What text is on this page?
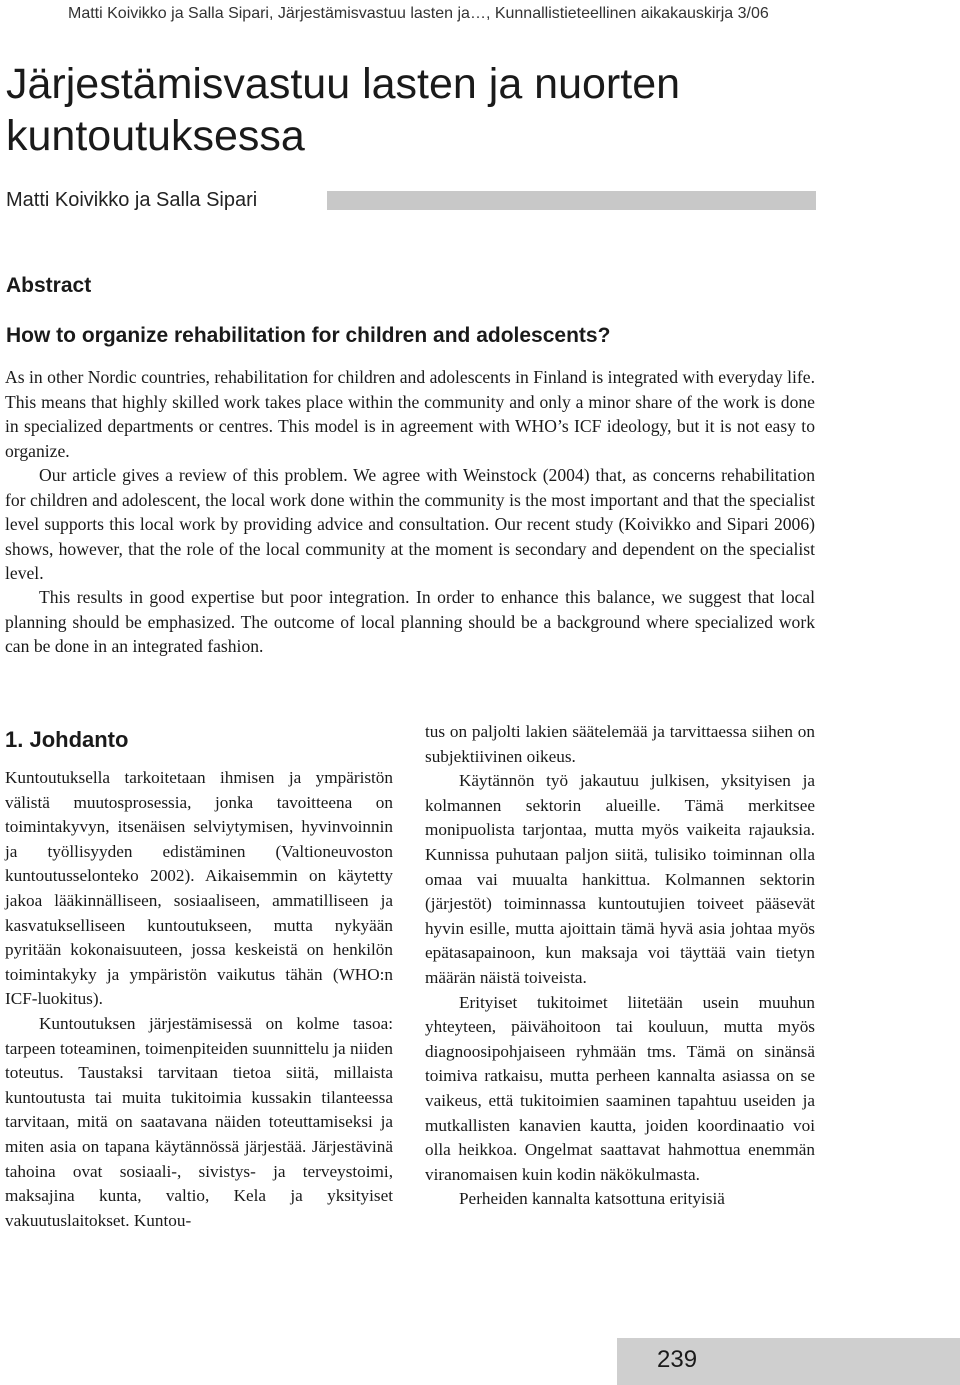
Matti Koivikko ja Salla Sipari, Järjestämisvastuu lasten ja…, Kunnallistieteellinen aikakauskirja 3/06
Järjestämisvastuu lasten ja nuorten kuntoutuksessa
Matti Koivikko ja Salla Sipari
Abstract
How to organize rehabilitation for children and adolescents?

As in other Nordic countries, rehabilitation for children and adolescents in Finland is integrated with everyday life. This means that highly skilled work takes place within the community and only a minor share of the work is done in specialized departments or centres. This model is in agreement with WHO’s ICF ideology, but it is not easy to organize.

Our article gives a review of this problem. We agree with Weinstock (2004) that, as concerns rehabilitation for children and adolescent, the local work done within the community is the most important and that the specialist level supports this local work by providing advice and consultation. Our recent study (Koivikko and Sipari 2006) shows, however, that the role of the local community at the moment is secondary and dependent on the specialist level.

This results in good expertise but poor integration. In order to enhance this balance, we suggest that local planning should be emphasized. The outcome of local planning should be a background where specialized work can be done in an integrated fashion.

1. Johdanto

Kuntoutuksella tarkoitetaan ihmisen ja ympäristön välistä muutosprosessia, jonka tavoitteena on toimintakyvyn, itsenäisen selviytymisen, hyvinvoinnin ja työllisyyden edistäminen (Valtioneuvoston kuntoutusselonteko 2002). Aikaisemmin on käytetty jakoa lääkinnälliseen, sosiaaliseen, ammatilliseen ja kasvatukselliseen kuntoutukseen, mutta nykyään pyritään kokonaisuuteen, jossa keskeistä on henkilön toimintakyky ja ympäristön vaikutus tähän (WHO:n ICF-luokitus).

Kuntoutuksen järjestämisessä on kolme tasoa: tarpeen toteaminen, toimenpiteiden suunnittelu ja niiden toteutus. Taustaksi tarvitaan tietoa siitä, millaista kuntoutusta tai muita tukitoimia kussakin tilanteessa tarvitaan, mitä on saatavana näiden toteuttamiseksi ja miten asia on tapana käytännössä järjestää. Järjestävinä tahoina ovat sosiaali-, sivistys- ja terveystoimi, maksajina kunta, valtio, Kela ja yksityiset vakuutuslaitokset. Kuntou-

tus on paljolti lakien säätelemää ja tarvittaessa siihen on subjektiivinen oikeus.

Käytännön työ jakautuu julkisen, yksityisen ja kolmannen sektorin alueille. Tämä merkitsee monipuolista tarjontaa, mutta myös vaikeita rajauksia. Kunnissa puhutaan paljon siitä, tulisiko toiminnan olla omaa vai muualta hankittua. Kolmannen sektorin (järjestöt) toiminnassa kuntoutujien toiveet pääsevät hyvin esille, mutta ajoittain tämä hyvä asia johtaa myös epätasapainoon, kun maksaja voi täyttää vain tietyn määrän näistä toiveista.

Erityiset tukitoimet liitetään usein muuhun yhteyteen, päivähoitoon tai kouluun, mutta myös diagnoosipohjaiseen ryhmään tms. Tämä on sinänsä toimiva ratkaisu, mutta perheen kannalta asiassa on se vaikeus, että tukitoimien saaminen tapahtuu useiden ja mutkallisten kanavien kautta, joiden koordinaatio voi olla heikkoa. Ongelmat saattavat hahmottua enemmän viranomaisen kuin kodin näkökulmasta.

Perheiden kannalta katsottuna erityisiä

239
